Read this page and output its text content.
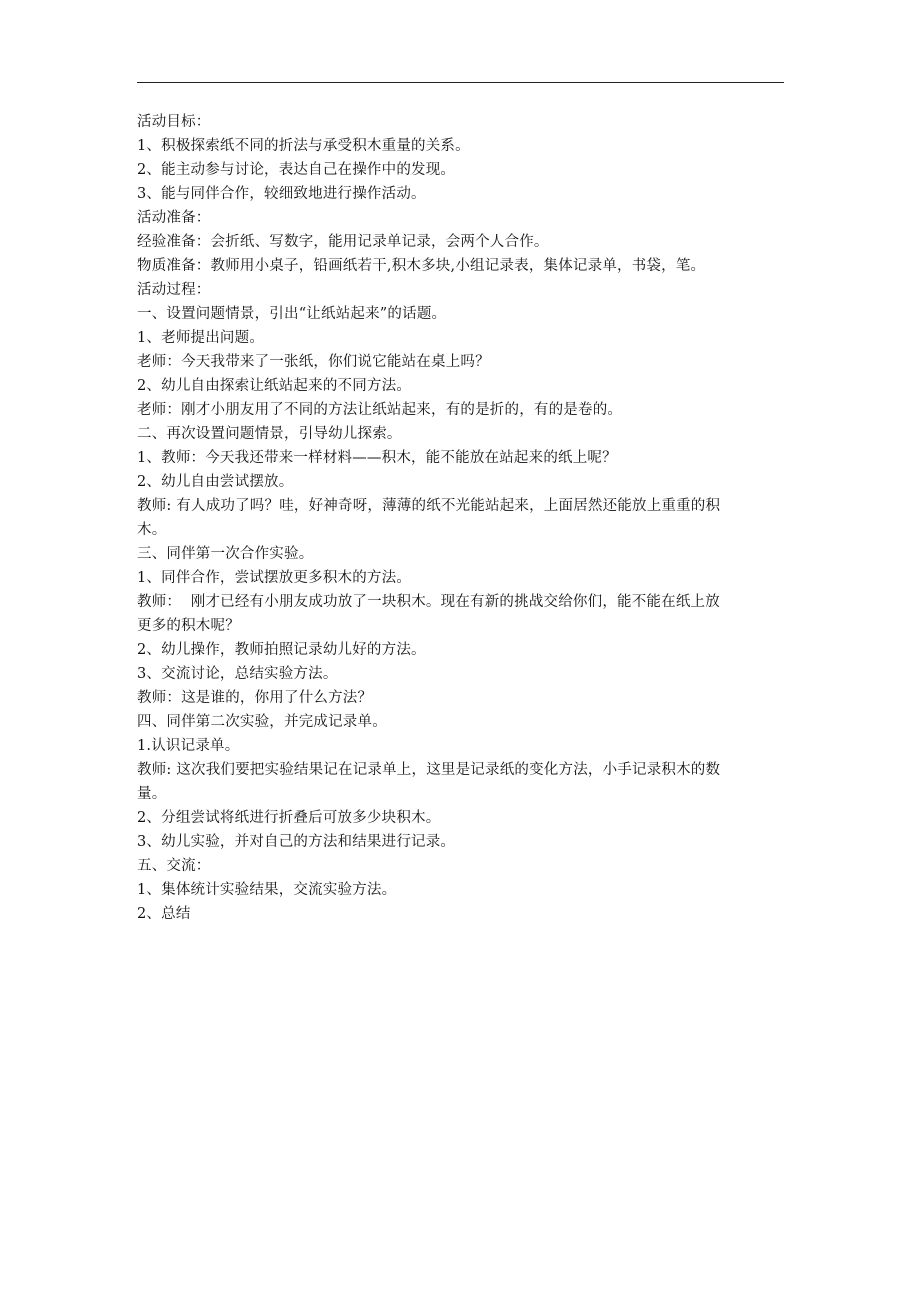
活动目标：

1、积极探索纸不同的折法与承受积木重量的关系。

2、能主动参与讨论，表达自己在操作中的发现。

3、能与同伴合作，较细致地进行操作活动。

活动准备：

经验准备：会折纸、写数字，能用记录单记录，会两个人合作。

物质准备：教师用小桌子，铅画纸若干,积木多块,小组记录表，集体记录单，书袋，笔。

活动过程：

一、设置问题情景，引出“让纸站起来”的话题。

1、老师提出问题。

老师：今天我带来了一张纸，你们说它能站在桌上吗？

2、幼儿自由探索让纸站起来的不同方法。

老师：刚才小朋友用了不同的方法让纸站起来，有的是折的，有的是卷的。

二、再次设置问题情景，引导幼儿探索。

1、教师：今天我还带来一样材料——积木，能不能放在站起来的纸上呢？

2、幼儿自由尝试摆放。

教师: 有人成功了吗？哇，好神奇呀，薄薄的纸不光能站起来，上面居然还能放上重重的积

木。

三、同伴第一次合作实验。

1、同伴合作，尝试摆放更多积木的方法。

教师：  刚才已经有小朋友成功放了一块积木。现在有新的挑战交给你们，能不能在纸上放

更多的积木呢？

2、幼儿操作，教师拍照记录幼儿好的方法。

3、交流讨论，总结实验方法。

教师：这是谁的，你用了什么方法？

四、同伴第二次实验，并完成记录单。

1.认识记录单。

教师: 这次我们要把实验结果记在记录单上，这里是记录纸的变化方法，小手记录积木的数

量。

2、分组尝试将纸进行折叠后可放多少块积木。

3、幼儿实验，并对自己的方法和结果进行记录。

五、交流：

1、集体统计实验结果，交流实验方法。

2、总结
